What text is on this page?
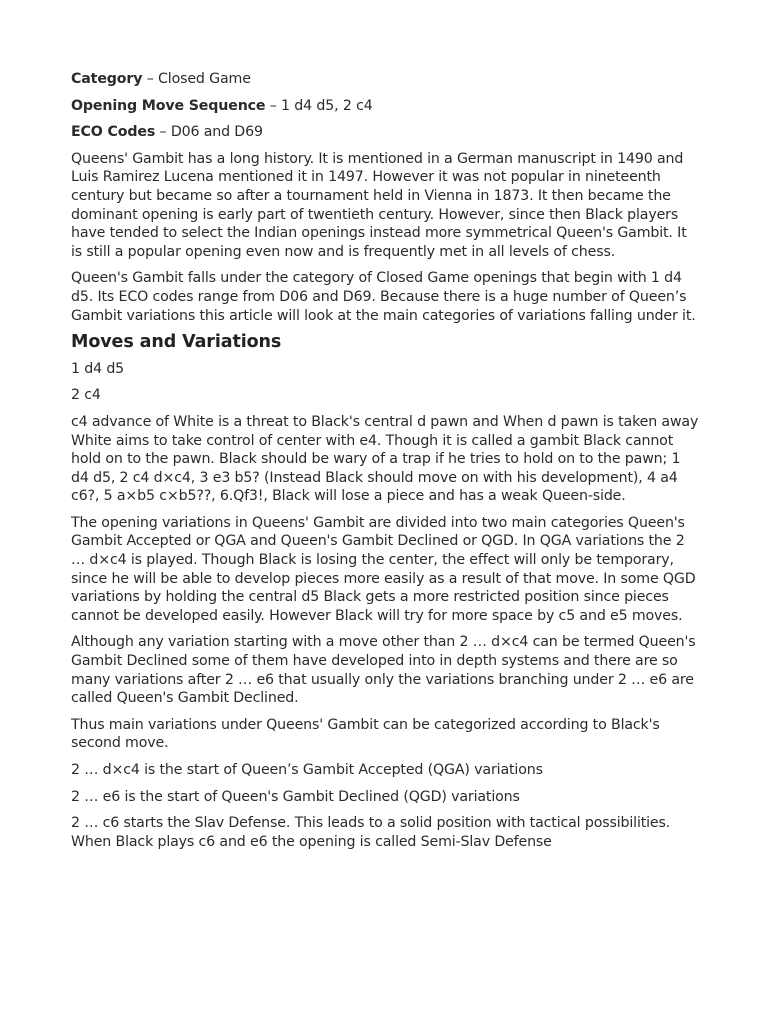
Category – Closed Game
Opening Move Sequence – 1 d4 d5, 2 c4
ECO Codes – D06 and D69

Queens' Gambit has a long history. It is mentioned in a German manuscript in 1490 and Luis Ramirez Lucena mentioned it in 1497. However it was not popular in nineteenth century but became so after a tournament held in Vienna in 1873. It then became the dominant opening is early part of twentieth century. However, since then Black players have tended to select the Indian openings instead more symmetrical Queen's Gambit. It is still a popular opening even now and is frequently met in all levels of chess.

Queen's Gambit falls under the category of Closed Game openings that begin with 1 d4 d5. Its ECO codes range from D06 and D69. Because there is a huge number of Queen’s Gambit variations this article will look at the main categories of variations falling under it.

Moves and Variations

1 d4 d5

2 c4

c4 advance of White is a threat to Black's central d pawn and When d pawn is taken away White aims to take control of center with e4. Though it is called a gambit Black cannot hold on to the pawn. Black should be wary of a trap if he tries to hold on to the pawn; 1 d4 d5, 2 c4 d×c4, 3 e3 b5? (Instead Black should move on with his development), 4 a4 c6?, 5 a×b5 c×b5??, 6.Qf3!, Black will lose a piece and has a weak Queen-side.

The opening variations in Queens' Gambit are divided into two main categories Queen's Gambit Accepted or QGA and Queen's Gambit Declined or QGD. In QGA variations the 2 … d×c4 is played. Though Black is losing the center, the effect will only be temporary, since he will be able to develop pieces more easily as a result of that move. In some QGD variations by holding the central d5 Black gets a more restricted position since pieces cannot be developed easily. However Black will try for more space by c5 and e5 moves.

Although any variation starting with a move other than 2 … d×c4 can be termed Queen's Gambit Declined some of them have developed into in depth systems and there are so many variations after 2 … e6 that usually only the variations branching under 2 … e6 are called Queen's Gambit Declined.

Thus main variations under Queens' Gambit can be categorized according to Black's second move.

2 … d×c4 is the start of Queen’s Gambit Accepted (QGA) variations

2 … e6 is the start of Queen's Gambit Declined (QGD) variations

2 … c6 starts the Slav Defense. This leads to a solid position with tactical possibilities. When Black plays c6 and e6 the opening is called Semi-Slav Defense
